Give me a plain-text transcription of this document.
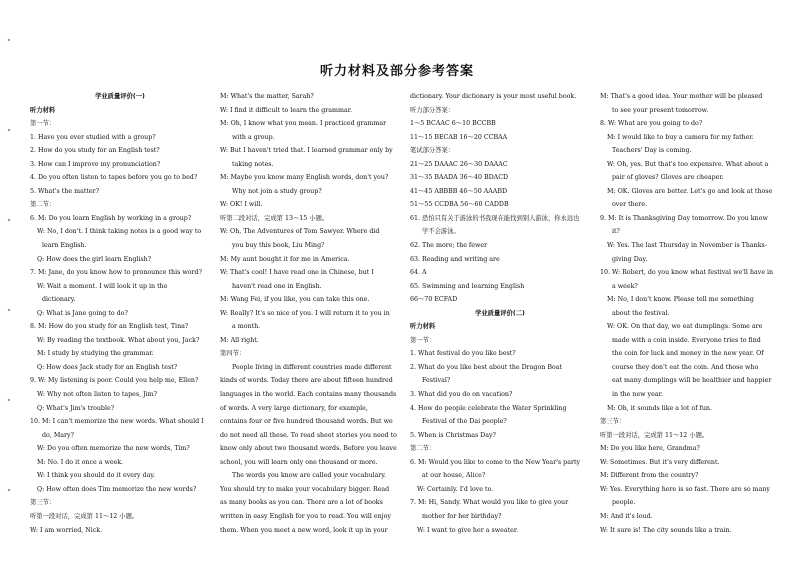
听力材料及部分参考答案
学业质量评价(一)
听力材料
第一节：
1. Have you ever studied with a group?
2. How do you study for an English test?
3. How can I improve my pronunciation?
4. Do you often listen to tapes before you go to bed?
5. What's the matter?
第二节：
6. M: Do you learn English by working in a group?
W: No, I don't. I think taking notes is a good way to
learn English.
Q: How does the girl learn English?
7. M: Jane, do you know how to pronounce this word?
W: Wait a moment. I will look it up in the
dictionary.
Q: What is Jane going to do?
8. M: How do you study for an English test, Tina?
W: By reading the textbook. What about you, Jack?
M: I study by studying the grammar.
Q: How does Jack study for an English test?
9. W: My listening is poor. Could you help me, Ellen?
W: Why not often listen to tapes, Jim?
Q: What's Jim's trouble?
10. M: I can't memorize the new words. What should I
do, Mary?
W: Do you often memorize the new words, Tim?
M: No. I do it once a week.
W: I think you should do it every day.
Q: How often does Tim memorize the new words?
第三节：
听第一段对话，完成第 11～12 小题。
W: I am worried, Nick.
M: What's the matter, Sarah?
W: I find it difficult to learn the grammar.
M: Oh, I know what you mean. I practiced grammar
with a group.
W: But I haven't tried that. I learned grammar only by
taking notes.
M: Maybe you know many English words, don't you?
Why not join a study group?
W: OK! I will.
听第二段对话，完成第 13～15 小题。
W: Oh, The Adventures of Tom Sawyer. Where did
you buy this book, Liu Ming?
M: My aunt bought it for me in America.
W: That's cool! I have read one in Chinese, but I
haven't read one in English.
M: Wang Fei, if you like, you can take this one.
W: Really? It's so nice of you. I will return it to you in
a month.
M: All right.
第四节：
People living in different countries made different
kinds of words. Today there are about fifteen hundred
languages in the world. Each contains many thousands
of words. A very large dictionary, for example,
contains four or five hundred thousand words. But we
do not need all these. To read sheet stories you need to
know only about two thousand words. Before you leave
school, you will learn only one thousand or more.
The words you know are called your vocabulary.
You should try to make your vocabulary bigger. Read
as many books as you can. There are a lot of books
written in easy English for you to read. You will enjoy
them. When you meet a new word, look it up in your
dictionary. Your dictionary is your most useful book.
听力部分答案：
1～5 BCAAC 6～10 BCCBB
11～15 BECAB 16～20 CCBAA
笔试部分答案：
21～25 DAAAC 26～30 DAAAC
31～35 BAADA 36～40 BDACD
41～45 ABBBB 46～50 AAABD
51～55 CCDBA 56～60 CADDB
61. 恐怕只有关于游泳的书我现在能找到别人游泳，你永远也
学不会游泳。
62. The more; the fewer
63. Reading and writing are
64. A
65. Swimming and learning English
66～70 ECFAD
学业质量评价(二)
听力材料
第一节：
1. What festival do you like best?
2. What do you like best about the Dragon Boat
Festival?
3. What did you do on vacation?
4. How do people celebrate the Water Sprinkling
Festival of the Dai people?
5. When is Christmas Day?
第二节：
6. M: Would you like to come to the New Year's party
at our house, Alice?
W: Certainly. I'd love to.
7. M: Hi, Sandy. What would you like to give your
mother for her birthday?
W: I want to give her a sweater.
M: That's a good idea. Your mother will be pleased
to see your present tomorrow.
8. W: What are you going to do?
M: I would like to buy a camera for my father.
Teachers' Day is coming.
W: Oh, yes. But that's too expensive. What about a
pair of gloves? Gloves are cheaper.
M: OK. Gloves are better. Let's go and look at those
over there.
9. M: It is Thanksgiving Day tomorrow. Do you know
it?
W: Yes. The last Thursday in November is Thanks-
giving Day.
10. W: Robert, do you know what festival we'll have in
a week?
M: No, I don't know. Please tell me something
about the festival.
W: OK. On that day, we eat dumplings. Some are
made with a coin inside. Everyone tries to find
the coin for luck and money in the new year. Of
course they don't eat the coin. And those who
eat many dumplings will be healthier and happier
in the new year.
M: Oh, it sounds like a lot of fun.
第三节：
听第一段对话，完成第 11～12 小题。
M: Do you like here, Grandma?
W: Sometimes. But it's very different.
M: Different from the country?
W: Yes. Everything here is so fast. There are so many
people.
M: And it's loud.
W: It sure is! The city sounds like a train.
